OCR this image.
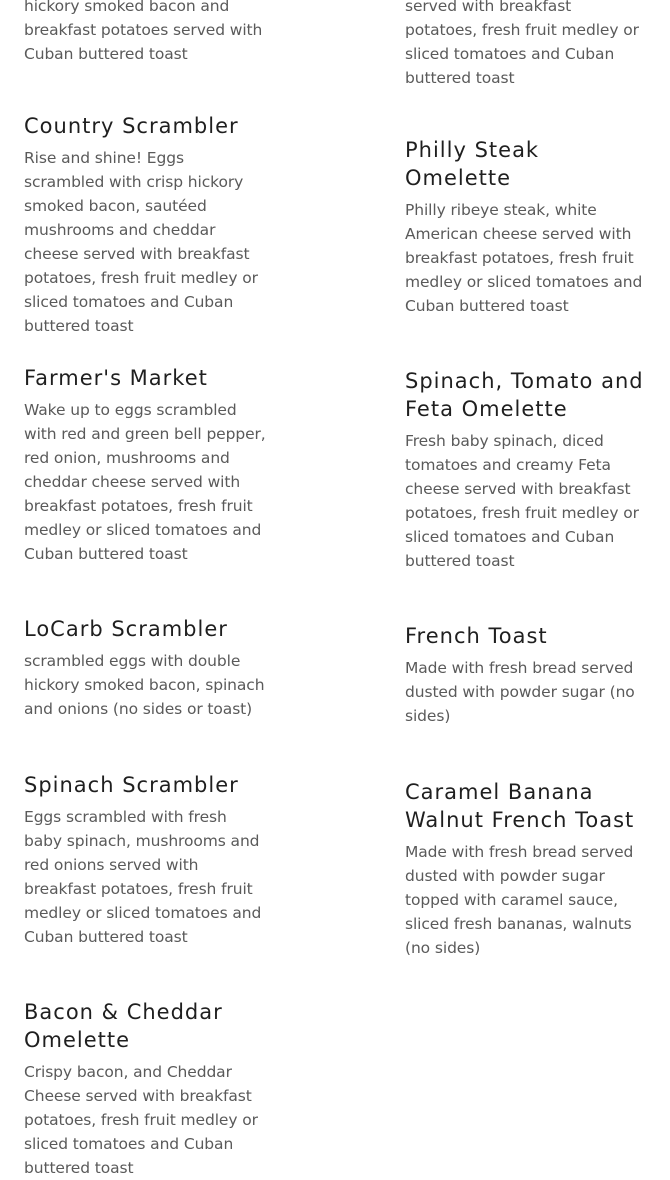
hickory smoked bacon and breakfast potatoes served with Cuban buttered toast

Country Scrambler

Rise and shine! Eggs scrambled with crisp hickory smoked bacon, sautéed mushrooms and cheddar cheese served with breakfast potatoes, fresh fruit medley or sliced tomatoes and Cuban buttered toast

Farmer's Market

Wake up to eggs scrambled with red and green bell pepper, red onion, mushrooms and cheddar cheese served with breakfast potatoes, fresh fruit medley or sliced tomatoes and Cuban buttered toast

LoCarb Scrambler

scrambled eggs with double hickory smoked bacon, spinach and onions (no sides or toast)

Spinach Scrambler

Eggs scrambled with fresh baby spinach, mushrooms and red onions served with breakfast potatoes, fresh fruit medley or sliced tomatoes and Cuban buttered toast

Bacon & Cheddar Omelette

Crispy bacon, and Cheddar Cheese served with breakfast potatoes, fresh fruit medley or sliced tomatoes and Cuban buttered toast

served with breakfast potatoes, fresh fruit medley or sliced tomatoes and Cuban buttered toast

Philly Steak Omelette

Philly ribeye steak, white American cheese served with breakfast potatoes, fresh fruit medley or sliced tomatoes and Cuban buttered toast

Spinach, Tomato and Feta Omelette

Fresh baby spinach, diced tomatoes and creamy Feta cheese served with breakfast potatoes, fresh fruit medley or sliced tomatoes and Cuban buttered toast

French Toast

Made with fresh bread served dusted with powder sugar (no sides)

Caramel Banana Walnut French Toast

Made with fresh bread served dusted with powder sugar topped with caramel sauce, sliced fresh bananas, walnuts (no sides)
